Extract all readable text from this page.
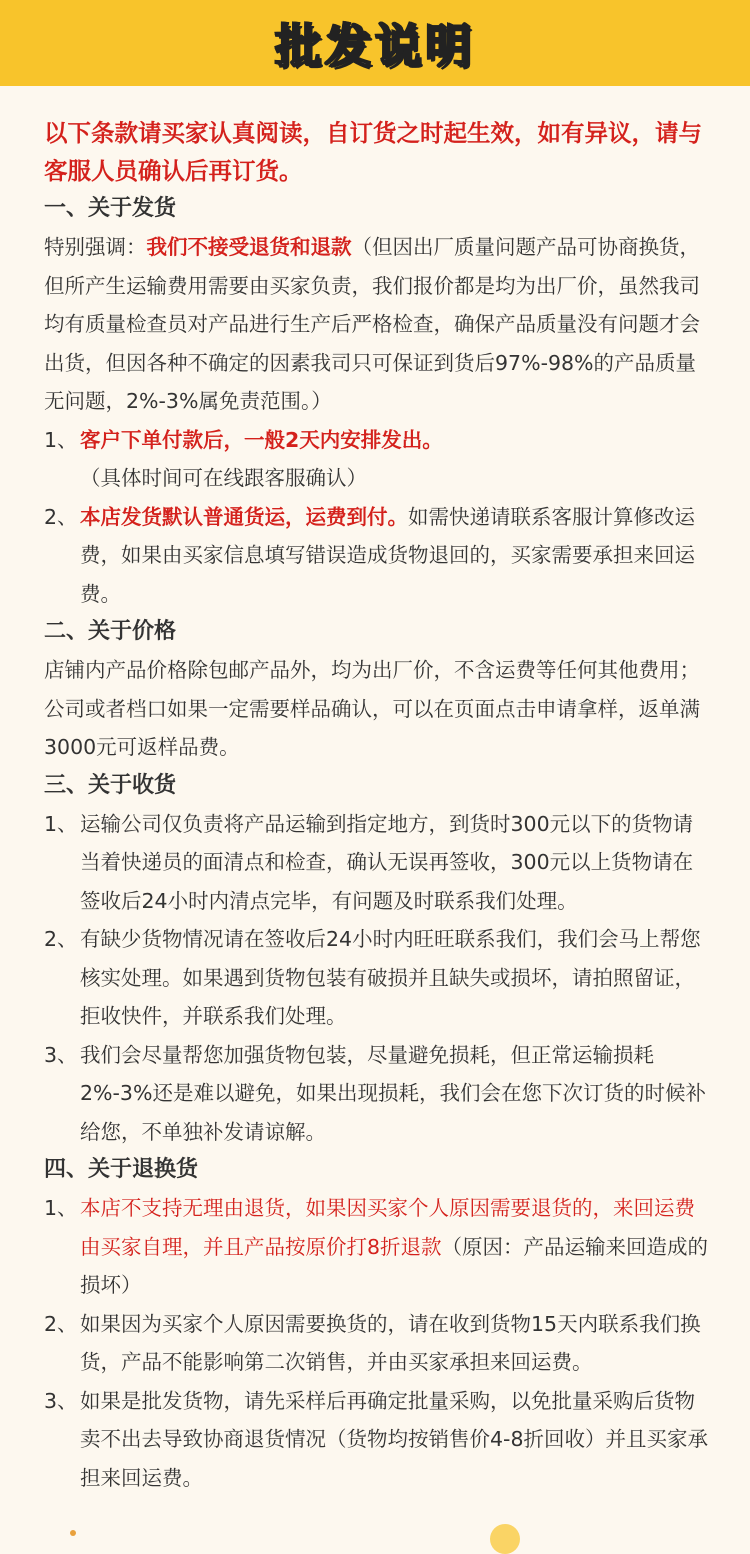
批发说明
以下条款请买家认真阅读，自订货之时起生效，如有异议，请与客服人员确认后再订货。
一、关于发货
特别强调：我们不接受退货和退款（但因出厂质量问题产品可协商换货，但所产生运输费用需要由买家负责，我们报价都是均为出厂价，虽然我司均有质量检查员对产品进行生产后严格检查，确保产品质量没有问题才会出货，但因各种不确定的因素我司只可保证到货后97%-98%的产品质量无问题，2%-3%属免责范围。）
1、 客户下单付款后，一般2天内安排发出。（具体时间可在线跟客服确认）
2、 本店发货默认普通货运，运费到付。如需快递请联系客服计算修改运费，如果由买家信息填写错误造成货物退回的，买家需要承担来回运费。
二、关于价格
店铺内产品价格除包邮产品外，均为出厂价，不含运费等任何其他费用；公司或者档口如果一定需要样品确认，可以在页面点击申请拿样，返单满3000元可返样品费。
三、关于收货
1、 运输公司仅负责将产品运输到指定地方，到货时300元以下的货物请当着快递员的面清点和检查，确认无误再签收，300元以上货物请在签收后24小时内清点完毕，有问题及时联系我们处理。
2、 有缺少货物情况请在签收后24小时内旺旺联系我们，我们会马上帮您核实处理。如果遇到货物包装有破损并且缺失或损坏，请拍照留证，拒收快件，并联系我们处理。
3、 我们会尽量帮您加强货物包装，尽量避免损耗，但正常运输损耗2%-3%还是难以避免，如果出现损耗，我们会在您下次订货的时候补给您，不单独补发请谅解。
四、关于退换货
1、 本店不支持无理由退货，如果因买家个人原因需要退货的，来回运费由买家自理，并且产品按原价打8折退款（原因：产品运输来回造成的损坏）
2、 如果因为买家个人原因需要换货的，请在收到货物15天内联系我们换货，产品不能影响第二次销售，并由买家承担来回运费。
3、 如果是批发货物，请先采样后再确定批量采购，以免批量采购后货物卖不出去导致协商退货情况（货物均按销售价4-8折回收）并且买家承担来回运费。
